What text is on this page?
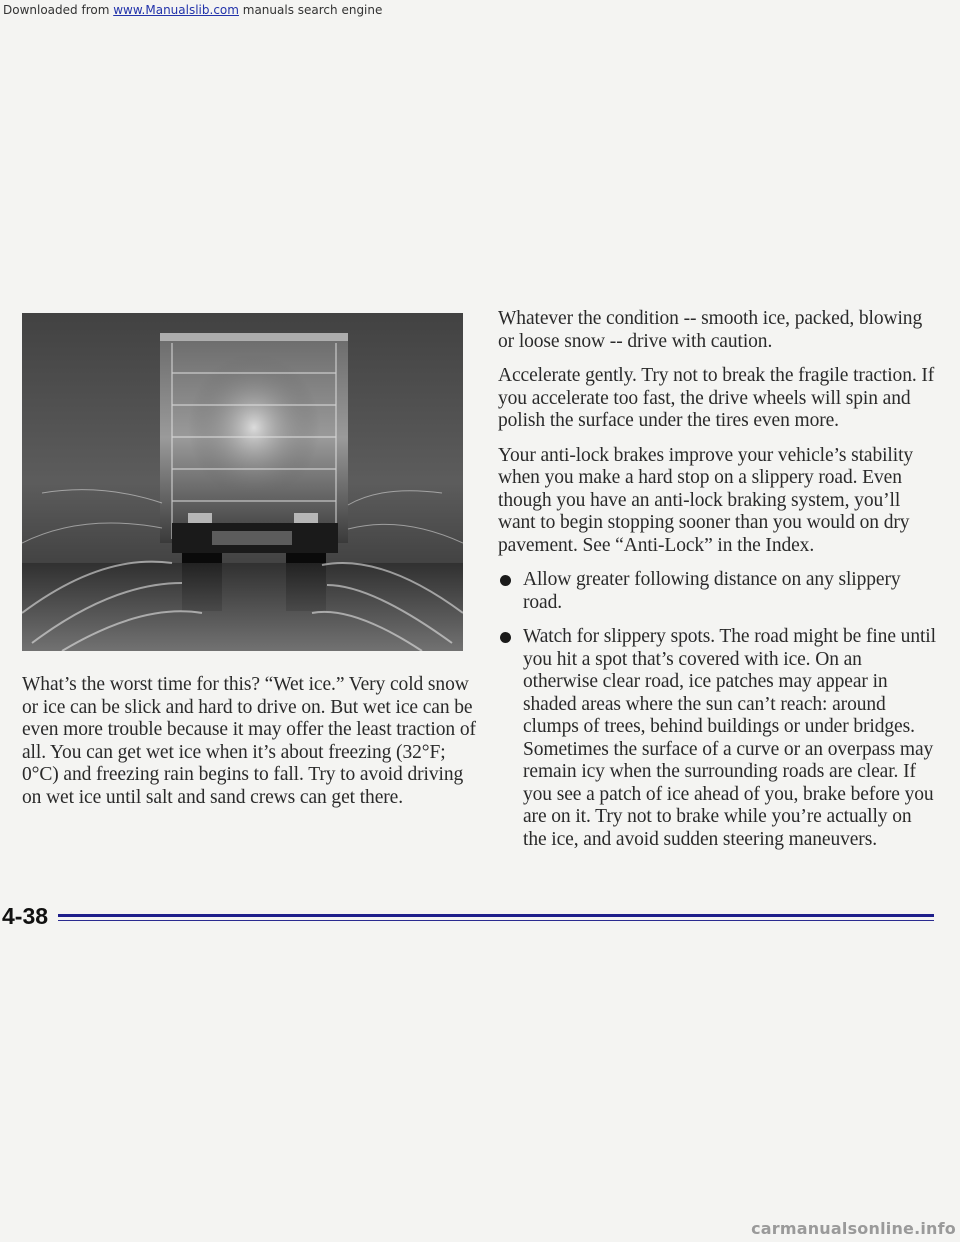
Downloaded from www.Manualslib.com manuals search engine

What’s the worst time for this? “Wet ice.” Very cold snow or ice can be slick and hard to drive on. But wet ice can be even more trouble because it may offer the least traction of all. You can get wet ice when it’s about freezing (32°F; 0°C) and freezing rain begins to fall. Try to avoid driving on wet ice until salt and sand crews can get there.

Whatever the condition -- smooth ice, packed, blowing or loose snow -- drive with caution.

Accelerate gently. Try not to break the fragile traction. If you accelerate too fast, the drive wheels will spin and polish the surface under the tires even more.

Your anti-lock brakes improve your vehicle’s stability when you make a hard stop on a slippery road. Even though you have an anti-lock braking system, you’ll want to begin stopping sooner than you would on dry pavement. See “Anti-Lock” in the Index.

Allow greater following distance on any slippery road.
Watch for slippery spots. The road might be fine until you hit a spot that’s covered with ice. On an otherwise clear road, ice patches may appear in shaded areas where the sun can’t reach: around clumps of trees, behind buildings or under bridges. Sometimes the surface of a curve or an overpass may remain icy when the surrounding roads are clear. If you see a patch of ice ahead of you, brake before you are on it. Try not to brake while you’re actually on the ice, and avoid sudden steering maneuvers.
4-38
carmanualsonline.info
